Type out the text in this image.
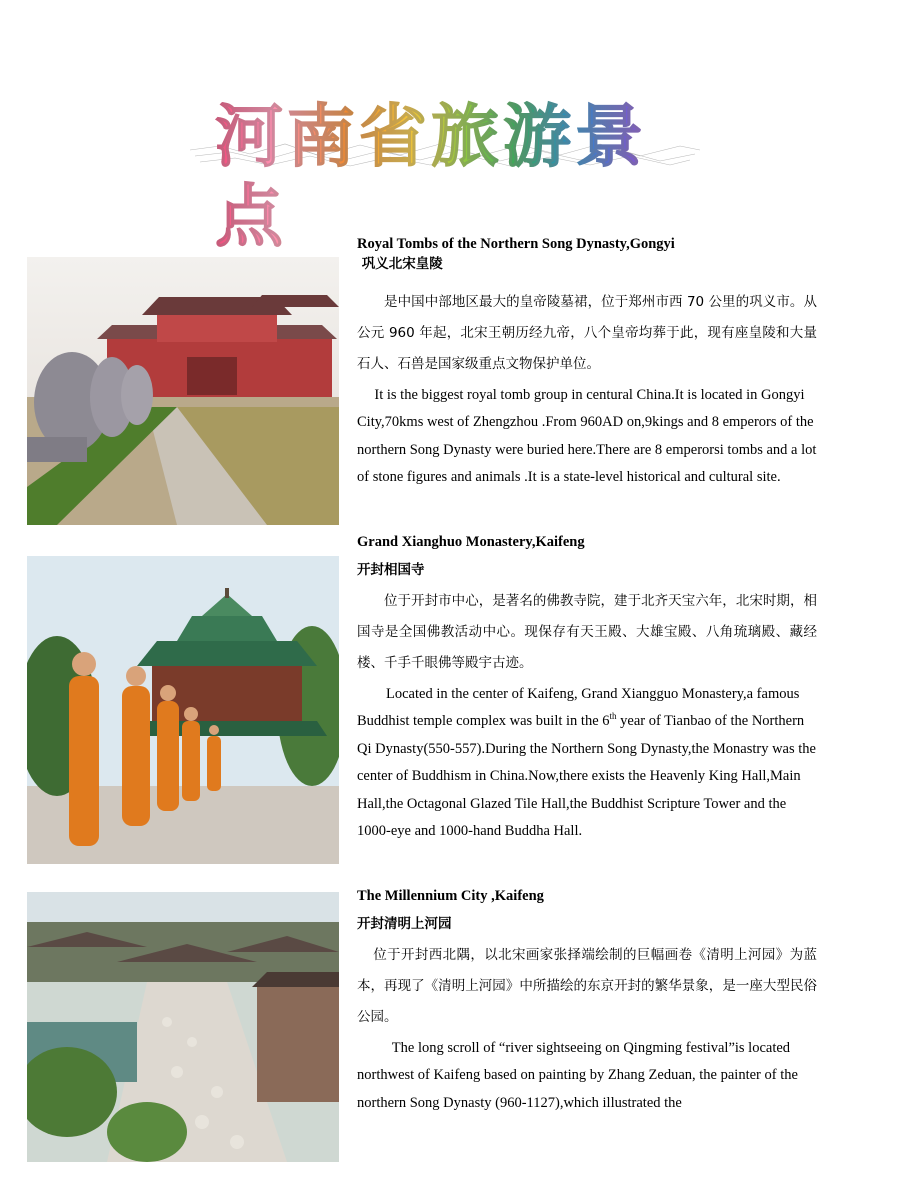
河南省旅游景点	Royal Tombs of the Northern Song Dynasty,Gongyi

巩义北宋皇陵

是中国中部地区最大的皇帝陵墓裙，位于郑州市西 70 公里的巩义市。从公元 960 年起，北宋王朝历经九帝，八个皇帝均葬于此，现有座皇陵和大量石人、石兽是国家级重点文物保护单位。

It is the biggest royal tomb group in centural China.It is located in Gongyi City,70kms west of Zhengzhou .From 960AD on,9kings and 8 emperors of the northern Song Dynasty were buried here.There are 8 emperorsi tombs and a lot of stone figures and animals .It is a state-level historical and cultural site.

Grand Xianghuo Monastery,Kaifeng

开封相国寺

位于开封市中心，是著名的佛教寺院，建于北齐天宝六年，北宋时期，相国寺是全国佛教活动中心。现保存有天王殿、大雄宝殿、八角琉璃殿、藏经楼、千手千眼佛等殿宇古迹。

Located in the center of Kaifeng, Grand Xiangguo Monastery,a famous Buddhist temple complex was built in the 6th year of Tianbao of the Northern Qi Dynasty(550-557).During the Northern Song Dynasty,the Monastry was the center of Buddhism in China.Now,there exists the Heavenly King Hall,Main Hall,the Octagonal Glazed Tile Hall,the Buddhist Scripture Tower and the 1000-eye and 1000-hand Buddha Hall.

The Millennium City ,Kaifeng

开封清明上河园

位于开封西北隅，以北宋画家张择端绘制的巨幅画卷《清明上河园》为蓝本，再现了《清明上河园》中所描绘的东京开封的繁华景象，是一座大型民俗公园。

The long scroll of “river sightseeing on Qingming festival”is located northwest of Kaifeng based on painting by Zhang Zeduan, the painter of the northern Song Dynasty (960-1127),which illustrated the
